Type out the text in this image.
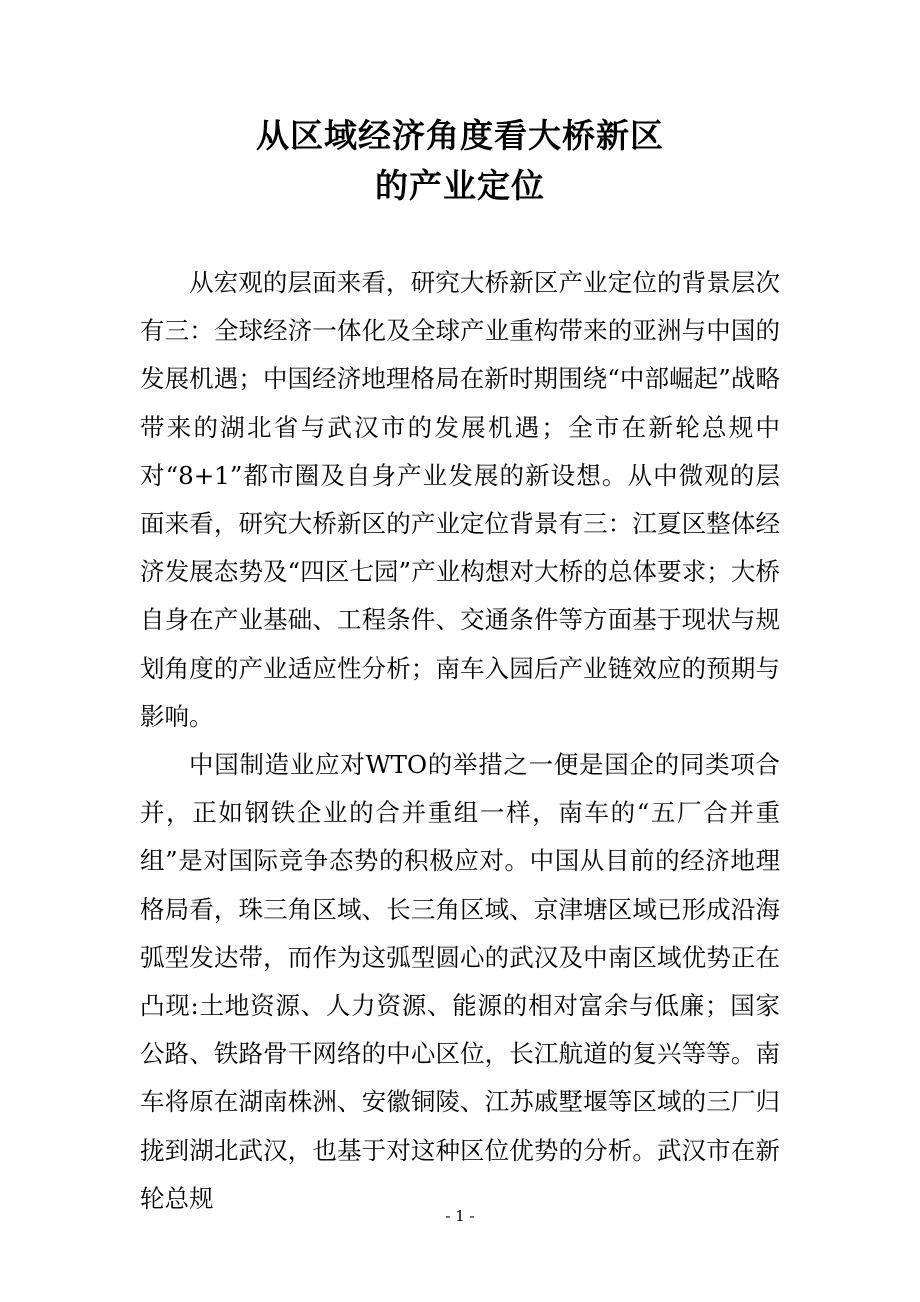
从区域经济角度看大桥新区
的产业定位

从宏观的层面来看，研究大桥新区产业定位的背景层次有三：全球经济一体化及全球产业重构带来的亚洲与中国的发展机遇；中国经济地理格局在新时期围绕“中部崛起”战略带来的湖北省与武汉市的发展机遇；全市在新轮总规中对“8+1”都市圈及自身产业发展的新设想。从中微观的层面来看，研究大桥新区的产业定位背景有三：江夏区整体经济发展态势及“四区七园”产业构想对大桥的总体要求；大桥自身在产业基础、工程条件、交通条件等方面基于现状与规划角度的产业适应性分析；南车入园后产业链效应的预期与影响。

中国制造业应对WTO的举措之一便是国企的同类项合并，正如钢铁企业的合并重组一样，南车的“五厂合并重组”是对国际竞争态势的积极应对。中国从目前的经济地理格局看，珠三角区域、长三角区域、京津塘区域已形成沿海弧型发达带，而作为这弧型圆心的武汉及中南区域优势正在凸现:土地资源、人力资源、能源的相对富余与低廉；国家公路、铁路骨干网络的中心区位，长江航道的复兴等等。南车将原在湖南株洲、安徽铜陵、江苏戚墅堰等区域的三厂归拢到湖北武汉，也基于对这种区位优势的分析。武汉市在新轮总规

- 1 -
